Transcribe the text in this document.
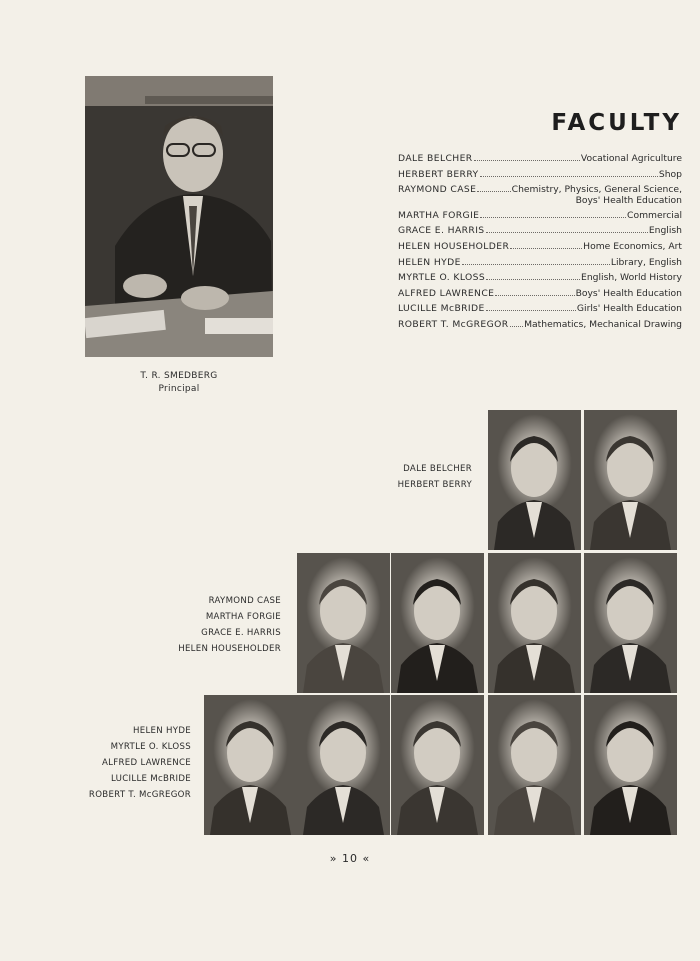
T. R. SMEDBERG
Principal
FACULTY
DALE BELCHER	Vocational Agriculture
HERBERT BERRY	Shop
RAYMOND CASE	Chemistry, Physics, General Science,
Boys' Health Education
MARTHA FORGIE	Commercial
GRACE E. HARRIS	English
HELEN HOUSEHOLDER	Home Economics, Art
HELEN HYDE	Library, English
MYRTLE O. KLOSS	English, World History
ALFRED LAWRENCE	Boys' Health Education
LUCILLE McBRIDE	Girls' Health Education
ROBERT T. McGREGOR Mathematics, Mechanical Drawing
DALE BELCHER
HERBERT BERRY
RAYMOND CASE
MARTHA FORGIE
GRACE E. HARRIS
HELEN HOUSEHOLDER
HELEN HYDE
MYRTLE O. KLOSS
ALFRED LAWRENCE
LUCILLE McBRIDE
ROBERT T. McGREGOR
» 10 «
